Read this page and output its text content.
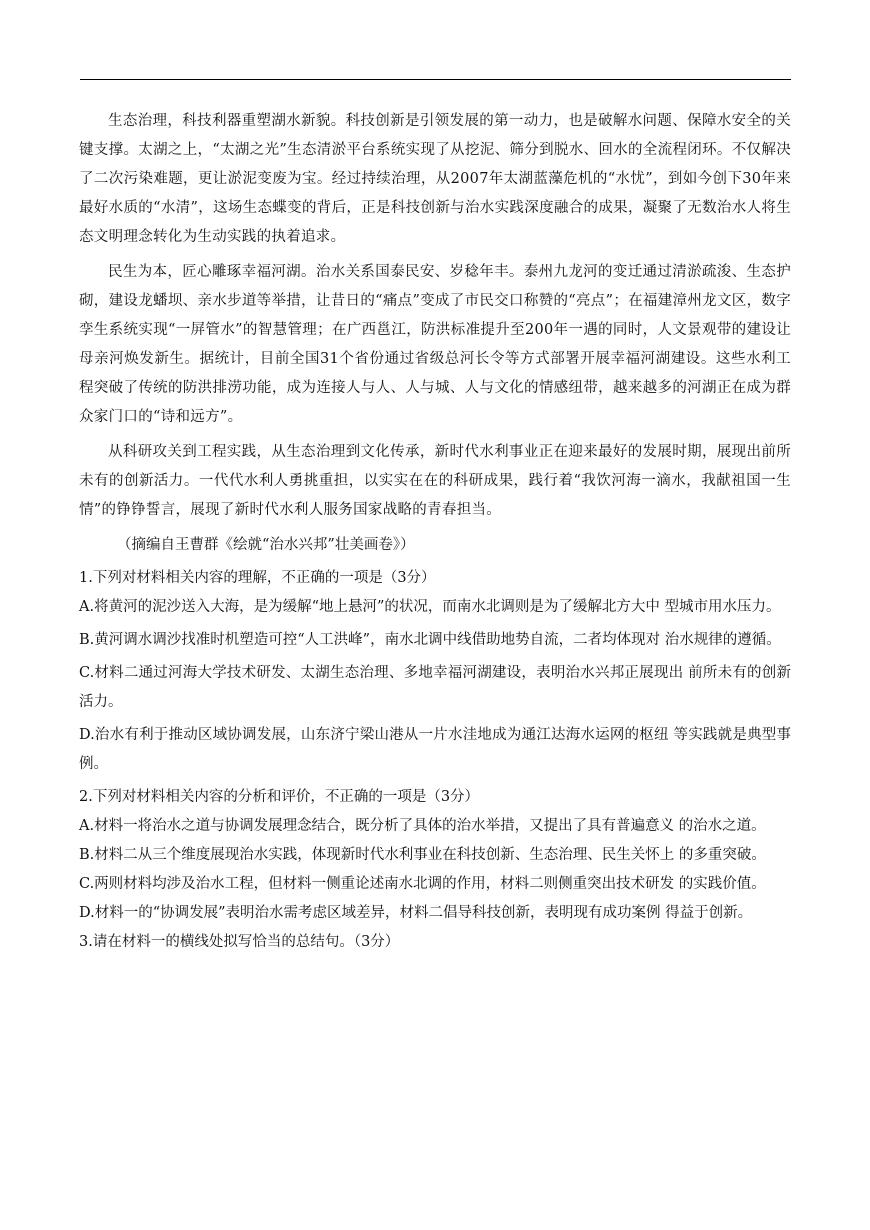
生态治理，科技利器重塑湖水新貌。科技创新是引领发展的第一动力，也是破解水问题、保障水安全的关键支撑。太湖之上，“太湖之光”生态清淤平台系统实现了从挖泥、筛分到脱水、回水的全流程闭环。不仅解决了二次污染难题，更让淤泥变废为宝。经过持续治理，从2007年太湖蓝藻危机的“水忧”，到如今创下30年来最好水质的“水清”，这场生态蝶变的背后，正是科技创新与治水实践深度融合的成果，凝聚了无数治水人将生态文明理念转化为生动实践的执着追求。

民生为本，匠心雕琢幸福河湖。治水关系国泰民安、岁稔年丰。泰州九龙河的变迁通过清淤疏浚、生态护砌，建设龙蟠坝、亲水步道等举措，让昔日的“痛点”变成了市民交口称赞的“亮点”；在福建漳州龙文区，数字孪生系统实现“一屏管水”的智慧管理；在广西邕江，防洪标准提升至200年一遇的同时，人文景观带的建设让母亲河焕发新生。据统计，目前全国31个省份通过省级总河长令等方式部署开展幸福河湖建设。这些水利工程突破了传统的防洪排涝功能，成为连接人与人、人与城、人与文化的情感纽带，越来越多的河湖正在成为群众家门口的“诗和远方”。

从科研攻关到工程实践，从生态治理到文化传承，新时代水利事业正在迎来最好的发展时期，展现出前所未有的创新活力。一代代水利人勇挑重担，以实实在在的科研成果，践行着“我饮河海一滴水，我献祖国一生情”的铮铮誓言，展现了新时代水利人服务国家战略的青春担当。

（摘编自王曹群《绘就“治水兴邦”壮美画卷》）

1.下列对材料相关内容的理解，不正确的一项是（3分）

A.将黄河的泥沙送入大海，是为缓解“地上悬河”的状况，而南水北调则是为了缓解北方大中 型城市用水压力。

B.黄河调水调沙找准时机塑造可控“人工洪峰”，南水北调中线借助地势自流，二者均体现对 治水规律的遵循。

C.材料二通过河海大学技术研发、太湖生态治理、多地幸福河湖建设，表明治水兴邦正展现出 前所未有的创新活力。

D.治水有利于推动区域协调发展，山东济宁梁山港从一片水洼地成为通江达海水运网的枢纽 等实践就是典型事例。

2.下列对材料相关内容的分析和评价，不正确的一项是（3分）

A.材料一将治水之道与协调发展理念结合，既分析了具体的治水举措，又提出了具有普遍意义 的治水之道。

B.材料二从三个维度展现治水实践，体现新时代水利事业在科技创新、生态治理、民生关怀上 的多重突破。

C.两则材料均涉及治水工程，但材料一侧重论述南水北调的作用，材料二则侧重突出技术研发 的实践价值。

D.材料一的“协调发展”表明治水需考虑区域差异，材料二倡导科技创新，表明现有成功案例 得益于创新。

3.请在材料一的横线处拟写恰当的总结句。（3分）
